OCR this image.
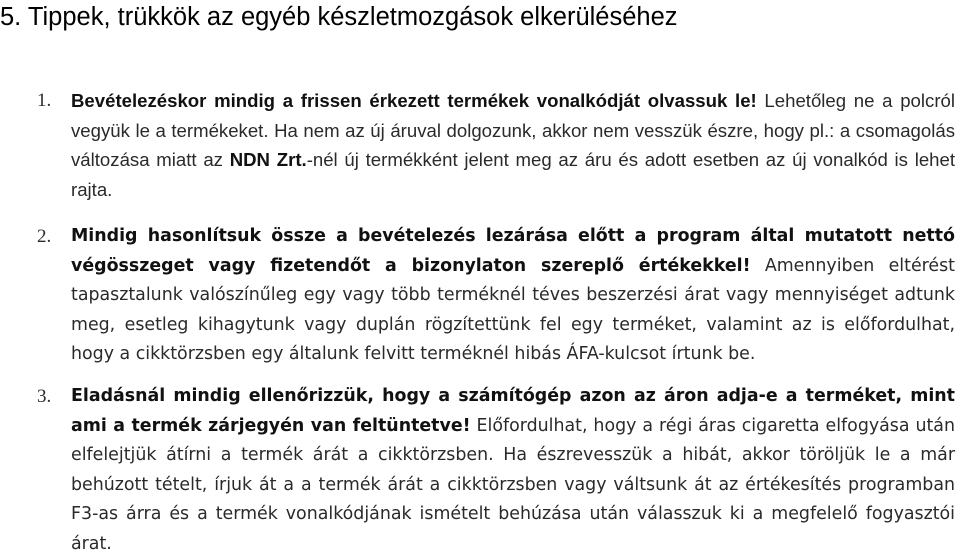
5. Tippek, trükkök az egyéb készletmozgások elkerüléséhez
1. Bevételezéskor mindig a frissen érkezett termékek vonalkódját olvassuk le! Lehetőleg ne a polcról vegyük le a termékeket. Ha nem az új áruval dolgozunk, akkor nem vesszük észre, hogy pl.: a csomagolás változása miatt az NDN Zrt.-nél új termékként jelent meg az áru és adott esetben az új vonalkód is lehet rajta.
2. Mindig hasonlítsuk össze a bevételezés lezárása előtt a program által mutatott nettó végösszeget vagy fizetendőt a bizonylaton szereplő értékekkel! Amennyiben eltérést tapasztalunk valószínűleg egy vagy több terméknél téves beszerzési árat vagy mennyiséget adtunk meg, esetleg kihagytunk vagy duplán rögzítettünk fel egy terméket, valamint az is előfordulhat, hogy a cikktörzsben egy általunk felvitt terméknél hibás ÁFA-kulcsot írtunk be.
3. Eladásnál mindig ellenőrizzük, hogy a számítógép azon az áron adja-e a terméket, mint ami a termék zárjegyén van feltüntetve! Előfordulhat, hogy a régi áras cigaretta elfogyása után elfelejtjük átírni a termék árát a cikktörzsben. Ha észrevesszük a hibát, akkor töröljük le a már behúzott tételt, írjuk át a a termék árát a cikktörzsben vagy váltsunk át az értékesítés programban F3-as árra és a termék vonalkódjának ismételt behúzása után válasszuk ki a megfelelő fogyasztói árat.
